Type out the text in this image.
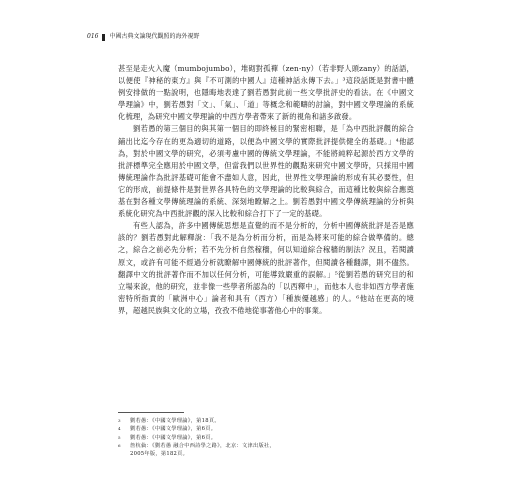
016 中國古典文論現代觀照的海外視野

甚至是走火入魔（mumbojumbo），堆砌對孤禪（zen-ny）（若非野人頭zany）的話語，以便使『神秘的東方』與『不可測的中國人』這種神話永傳下去。」³這段話既是對書中體例安排做的一點說明，也隱晦地表達了劉若愚對此前一些文學批評史的看法。在《中國文學理論》中，劉若愚對「文」、「氣」、「道」等概念和範疇的討論，對中國文學理論的系統化梳理，為研究中國文學理論的中西方學者帶來了新的視角和諸多啟發。

劉若愚的第三個目的與其第一個目的即終極目的緊密相聯，是「為中西批評觀的綜合鋪出比迄今存在的更為適切的道路，以便為中國文學的實際批評提供健全的基礎。」⁴他認為，對於中國文學的研究，必須考慮中國的傳統文學理論，不能將純粹起源於西方文學的批評標準完全應用於中國文學，但當我們以世界性的觀點來研究中國文學時，只採用中國傳統理論作為批評基礎可能會不盡如人意，因此，世界性文學理論的形成有其必要性，但它的形成，前提條件是對世界各具特色的文學理論的比較與綜合，而這種比較與綜合應奠基在對各種文學傳統理論的系統、深刻地瞭解之上。劉若愚對中國文學傳統理論的分析與系統化研究為中西批評觀的深入比較和綜合打下了一定的基礎。

有些人認為，許多中國傳統思想是直覺的而不是分析的，分析中國傳統批評是否是應該的？劉若愚對此解釋說：「我不是為分析而分析，而是為將來可能的綜合做準備的。總之，綜合之前必先分析；若不先分析自然稼穡，何以知道綜合稼穡的制法？況且，若閱讀原文，或許有可能不經過分析就瞭解中國傳統的批評著作，但閱讀各種翻譯，則不儘然。翻譯中文的批評著作而不加以任何分析，可能導致嚴重的誤解。」⁵從劉若愚的研究目的和立場來說，他的研究，並非像一些學者所認為的「以西釋中」，而他本人也非如西方學者施密特所指責的「歐洲中心」論者和具有（西方）「種族優越感」的人。⁶他站在更高的境界，超越民族與文化的立場，孜孜不倦地從事著他心中的事業。

3	劉若愚：《中國文學理論》，第18頁。
4	劉若愚：《中國文學理論》，第6頁。
5	劉若愚：《中國文學理論》，第6頁。
6	詹杭倫：《劉若愚 融合中西詩學之路》，北京：文津出版社，2005年版，第182頁。
